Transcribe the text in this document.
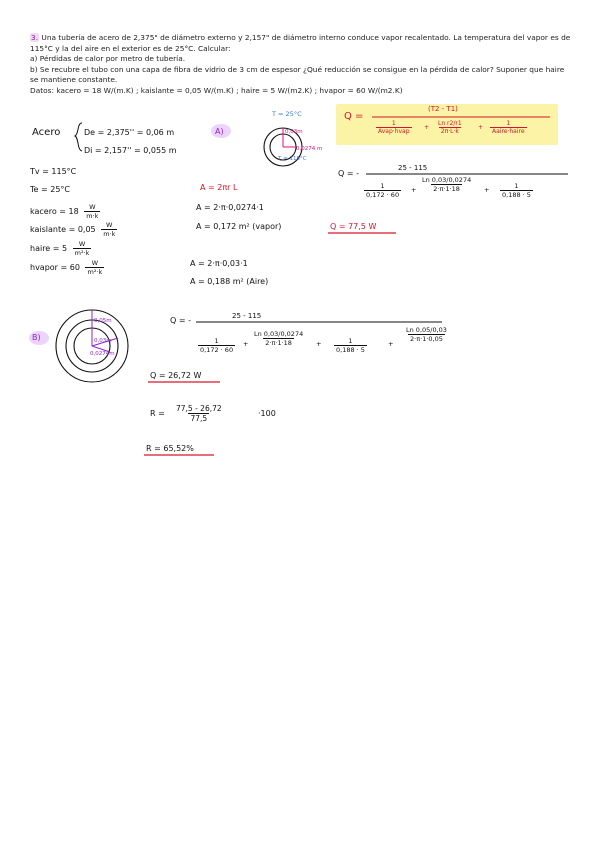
3. Una tubería de acero de 2,375" de diámetro externo y 2,157" de diámetro interno conduce vapor recalentado. La temperatura del vapor es de 115°C y la del aire en el exterior es de 25°C. Calcular:
a) Pérdidas de calor por metro de tubería.
b) Se recubre el tubo con una capa de fibra de vidrio de 3 cm de espesor ¿Qué reducción se consigue en la pérdida de calor? Suponer que haire se mantiene constante.
Datos: kacero = 18 W/(m.K) ; kaislante = 0,05 W/(m.K) ; haire = 5 W/(m2.K) ; hvapor = 60 W/(m2.K)
Acero	De = 2,375'' = 0,06 m
Di = 2,157'' = 0,055 m
Tv = 115°C
Te = 25°C
kacero = $18 \frac{W}{m\cdot k}$
kaislante = $0,05 \frac{W}{m\cdot k}$
haire = $5 \frac{W}{\text{m²·k}}$
hvapor = $60 \frac{W}{\text{m²·k}}$
A)
T = 25°C
0,03m
0,0274 m
T = 115°C
Q =
(T2 - T1)
$\frac{1}{\text{Avap·hvap}} + \frac{\text{Ln r2/r1}}{2\pi\cdot L\cdot k} + \frac{1}{\text{Aaire·haire}}$
A = 2πr L
A = 2·π·0,0274·1
A = 0,172 m² (vapor)
A = 2·π·0,03·1
A = 0,188 m² (Aire)
Q = -
25 - 115
$\frac{1}{0,172 \cdot 60} + \frac{Ln 0,03/0,0274}{2\cdot\pi\cdot 1\cdot 18} + \frac{1}{0,188 \cdot 5}$
Q = 77,5 W
B)
0,05m
0,03m
0,0274m
Q = -	25 - 115
$\frac{1}{0,172 \cdot 60} + \frac{Ln 0,03/0,0274}{2\cdot\pi\cdot 1\cdot 18} + \frac{1}{0,188 \cdot 5}$	+
$\frac{Ln 0,05/0,03}{2\cdot\pi\cdot 1\cdot 0,05}$
Q = 26,72 W
$R = \frac{77,5 - 26,72}{77,5}$	·100
R = 65,52%
